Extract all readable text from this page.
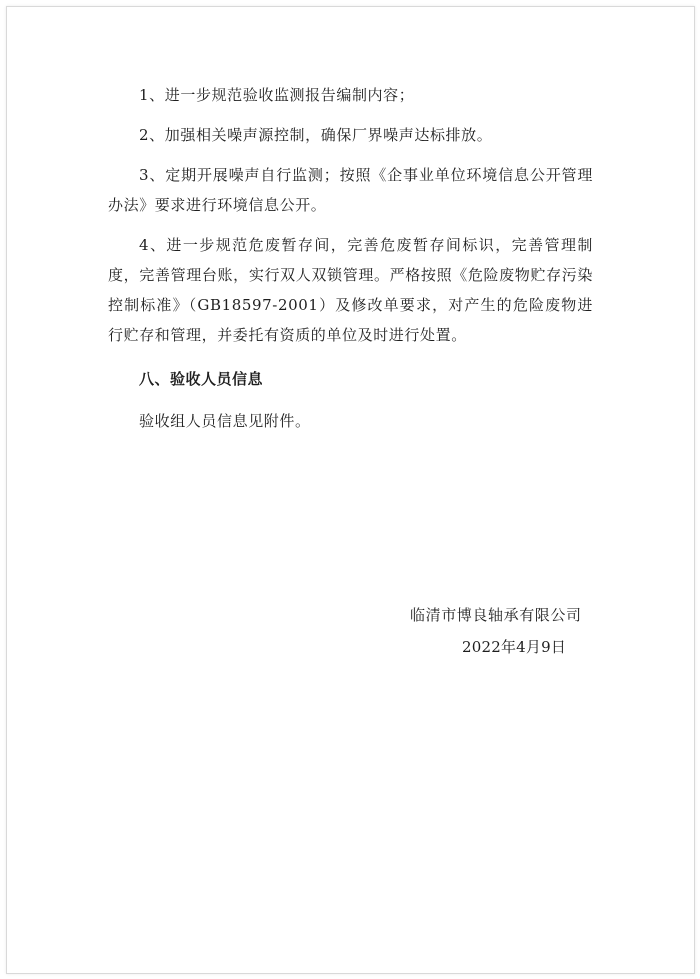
1、进一步规范验收监测报告编制内容；

2、加强相关噪声源控制，确保厂界噪声达标排放。

3、定期开展噪声自行监测；按照《企事业单位环境信息公开管理办法》要求进行环境信息公开。

4、进一步规范危废暂存间，完善危废暂存间标识，完善管理制度，完善管理台账，实行双人双锁管理。严格按照《危险废物贮存污染控制标准》（GB18597-2001）及修改单要求，对产生的危险废物进行贮存和管理，并委托有资质的单位及时进行处置。

八、验收人员信息

验收组人员信息见附件。

临清市博良轴承有限公司
2022年4月9日
